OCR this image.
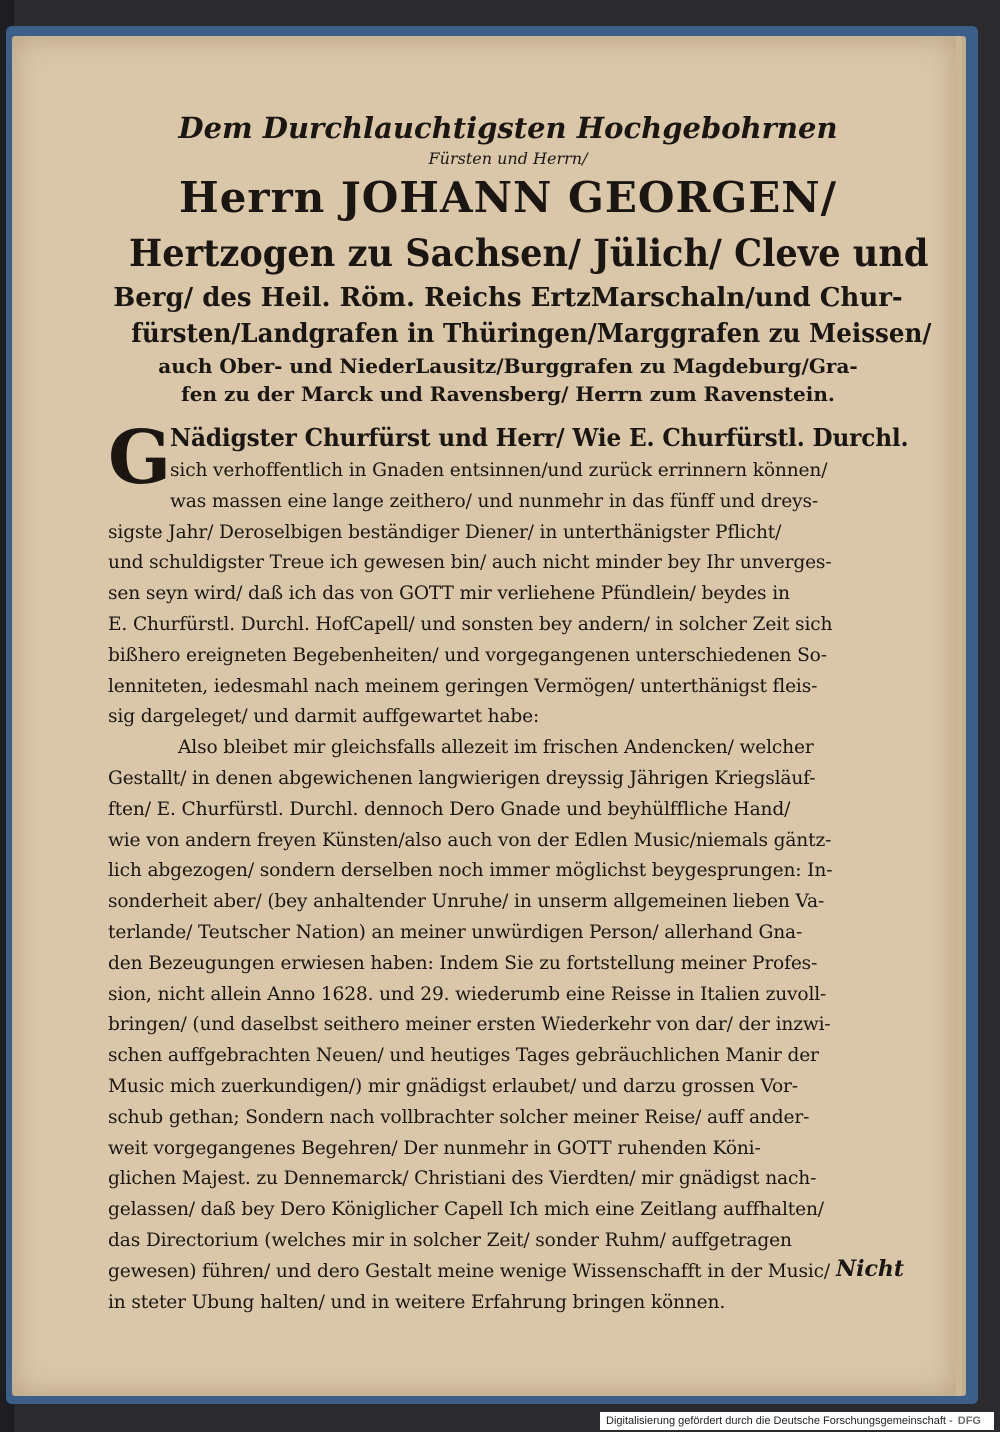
Dem Durchlauchtigsten Hochgebohrnen
Fürsten und Herrn/
Herrn JOHANN GEORGEN/
Hertzogen zu Sachsen/ Jülich/ Cleve und
Berg/ des Heil. Röm. Reichs ErtzMarschaln/und Chur-
fürsten/Landgrafen in Thüringen/Marggrafen zu Meissen/
auch Ober- und NiederLausitz/Burggrafen zu Magdeburg/Gra-
fen zu der Marck und Ravensberg/ Herrn zum Ravenstein.
G
Nädigster Churfürst und Herr/ Wie E. Churfürstl. Durchl.
sich verhoffentlich in Gnaden entsinnen/und zurück errinnern können/
was massen eine lange zeithero/ und nunmehr in das fünff und dreys-
sigste Jahr/ Deroselbigen beständiger Diener/ in unterthänigster Pflicht/
und schuldigster Treue ich gewesen bin/ auch nicht minder bey Ihr unverges-
sen seyn wird/ daß ich das von GOTT mir verliehene Pfündlein/ beydes in
E. Churfürstl. Durchl. HofCapell/ und sonsten bey andern/ in solcher Zeit sich
bißhero ereigneten Begebenheiten/ und vorgegangenen unterschiedenen So-
lenniteten, iedesmahl nach meinem geringen Vermögen/ unterthänigst fleis-
sig dargeleget/ und darmit auffgewartet habe:
Also bleibet mir gleichsfalls allezeit im frischen Andencken/ welcher
Gestallt/ in denen abgewichenen langwierigen dreyssig Jährigen Kriegsläuf-
ften/ E. Churfürstl. Durchl. dennoch Dero Gnade und beyhülffliche Hand/
wie von andern freyen Künsten/also auch von der Edlen Music/niemals gäntz-
lich abgezogen/ sondern derselben noch immer möglichst beygesprungen: In-
sonderheit aber/ (bey anhaltender Unruhe/ in unserm allgemeinen lieben Va-
terlande/ Teutscher Nation) an meiner unwürdigen Person/ allerhand Gna-
den Bezeugungen erwiesen haben: Indem Sie zu fortstellung meiner Profes-
sion, nicht allein Anno 1628. und 29. wiederumb eine Reisse in Italien zuvoll-
bringen/ (und daselbst seithero meiner ersten Wiederkehr von dar/ der inzwi-
schen auffgebrachten Neuen/ und heutiges Tages gebräuchlichen Manir der
Music mich zuerkundigen/) mir gnädigst erlaubet/ und darzu grossen Vor-
schub gethan; Sondern nach vollbrachter solcher meiner Reise/ auff ander-
weit vorgegangenes Begehren/ Der nunmehr in GOTT ruhenden Köni-
glichen Majest. zu Dennemarck/ Christiani des Vierdten/ mir gnädigst nach-
gelassen/ daß bey Dero Königlicher Capell Ich mich eine Zeitlang auffhalten/
das Directorium (welches mir in solcher Zeit/ sonder Ruhm/ auffgetragen
gewesen) führen/ und dero Gestalt meine wenige Wissenschafft in der Music/
in steter Ubung halten/ und in weitere Erfahrung bringen können.
Nicht
Digitalisierung gefördert durch die Deutsche Forschungsgemeinschaft - DFG
